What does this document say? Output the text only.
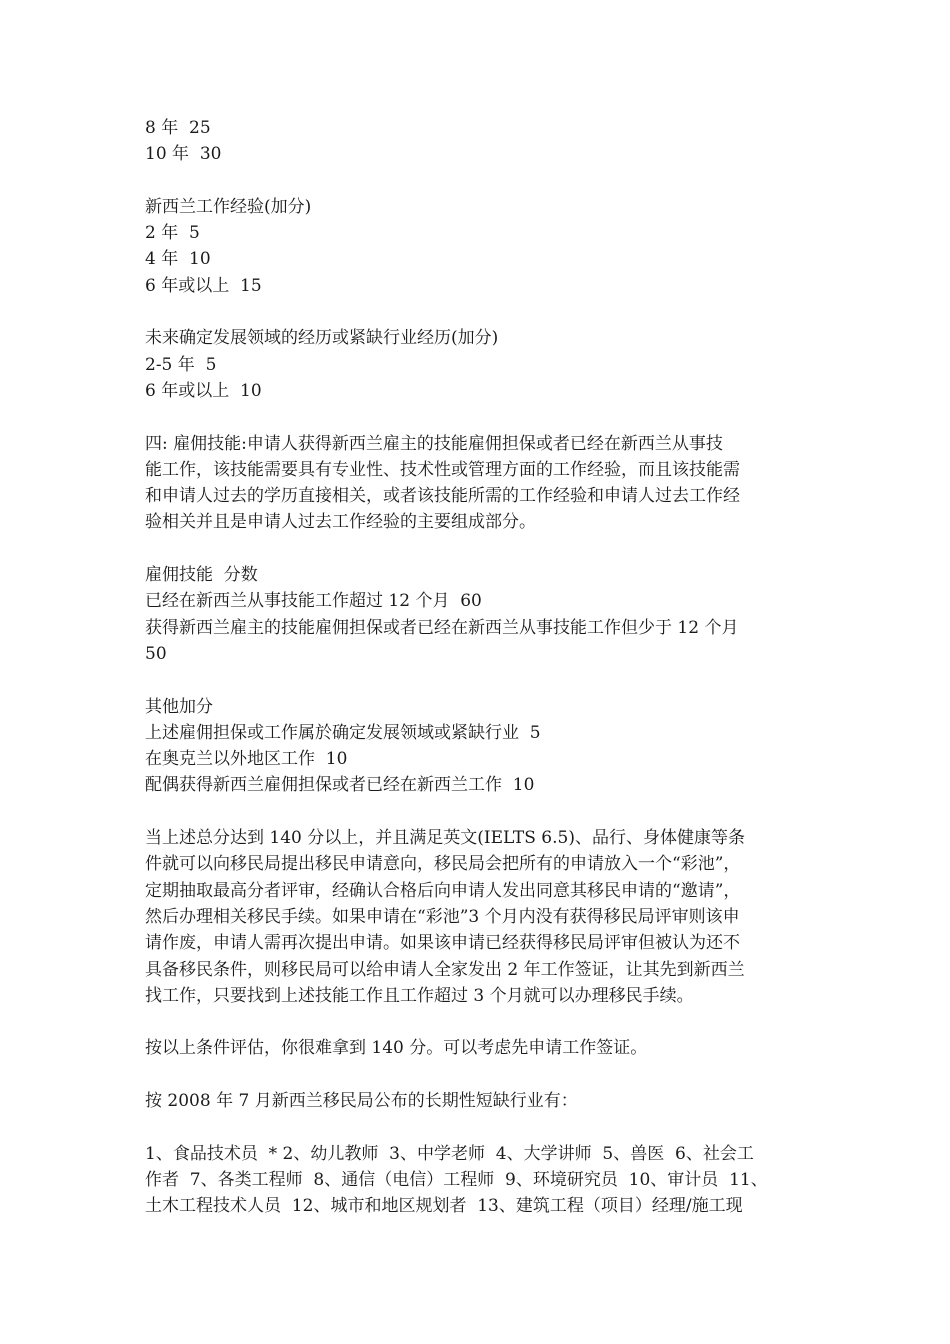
8 年  25

10 年  30

新西兰工作经验(加分)

2 年  5

4 年  10

6 年或以上  15

未来确定发展领域的经历或紧缺行业经历(加分)

2-5 年  5

6 年或以上  10

四: 雇佣技能:申请人获得新西兰雇主的技能雇佣担保或者已经在新西兰从事技

能工作，该技能需要具有专业性、技术性或管理方面的工作经验，而且该技能需

和申请人过去的学历直接相关，或者该技能所需的工作经验和申请人过去工作经

验相关并且是申请人过去工作经验的主要组成部分。

雇佣技能  分数

已经在新西兰从事技能工作超过 12 个月  60

获得新西兰雇主的技能雇佣担保或者已经在新西兰从事技能工作但少于 12 个月

50

其他加分

上述雇佣担保或工作属於确定发展领域或紧缺行业  5

在奥克兰以外地区工作  10

配偶获得新西兰雇佣担保或者已经在新西兰工作  10

当上述总分达到 140 分以上，并且满足英文(IELTS 6.5)、品行、身体健康等条

件就可以向移民局提出移民申请意向，移民局会把所有的申请放入一个“彩池”，

定期抽取最高分者评审，经确认合格后向申请人发出同意其移民申请的“邀请”，

然后办理相关移民手续。如果申请在“彩池”3 个月内没有获得移民局评审则该申

请作废，申请人需再次提出申请。如果该申请已经获得移民局评审但被认为还不

具备移民条件，则移民局可以给申请人全家发出 2 年工作签证，让其先到新西兰

找工作，只要找到上述技能工作且工作超过 3 个月就可以办理移民手续。

按以上条件评估，你很难拿到 140 分。可以考虑先申请工作签证。

按 2008 年 7 月新西兰移民局公布的长期性短缺行业有：

1、食品技术员  * 2、幼儿教师  3、中学老师  4、大学讲师  5、兽医  6、社会工

作者  7、各类工程师  8、通信（电信）工程师  9、环境研究员  10、审计员  11、

土木工程技术人员  12、城市和地区规划者  13、建筑工程（项目）经理/施工现
